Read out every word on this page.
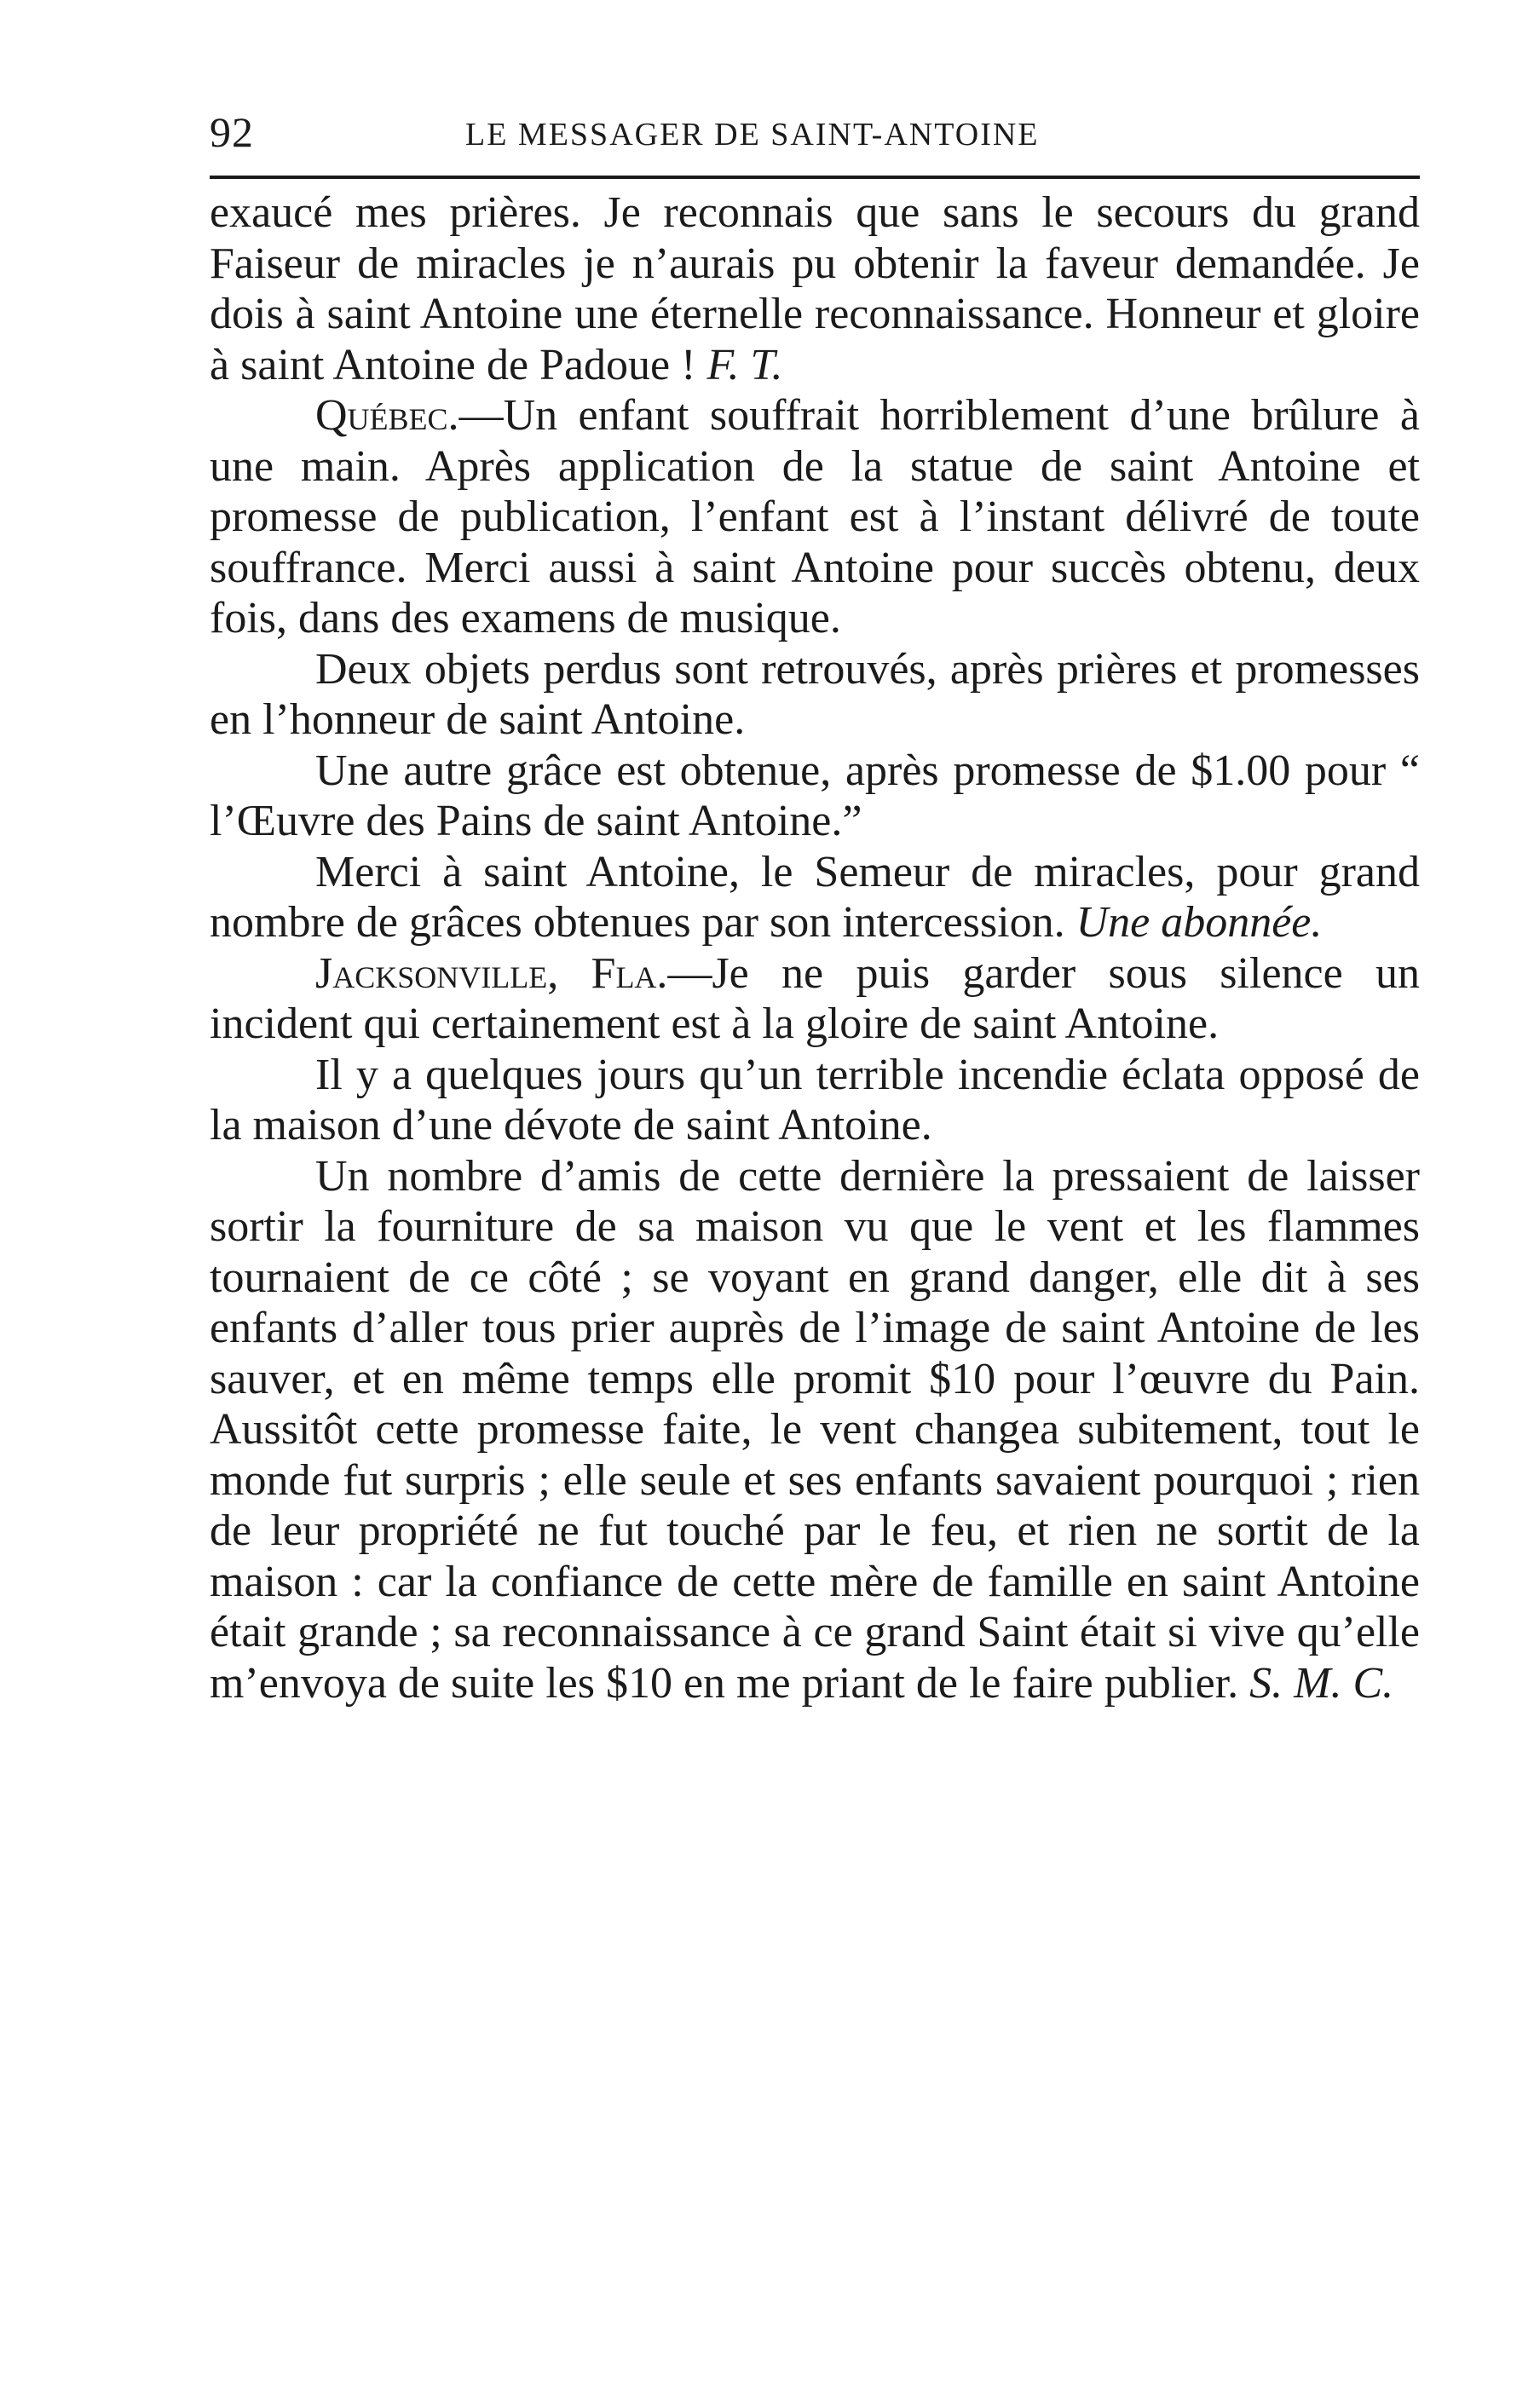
92	LE MESSAGER DE SAINT-ANTOINE

exaucé mes prières. Je reconnais que sans le secours du grand Faiseur de miracles je n’aurais pu obtenir la faveur demandée. Je dois à saint Antoine une éternelle reconnaissance. Honneur et gloire à saint Antoine de Padoue ! F. T.

Québec.—Un enfant souffrait horriblement d’une brûlure à une main. Après application de la statue de saint Antoine et promesse de publication, l’enfant est à l’instant délivré de toute souffrance. Merci aussi à saint Antoine pour succès obtenu, deux fois, dans des examens de musique.

Deux objets perdus sont retrouvés, après prières et promesses en l’honneur de saint Antoine.

Une autre grâce est obtenue, après promesse de $1.00 pour “ l’Œuvre des Pains de saint Antoine.”

Merci à saint Antoine, le Semeur de miracles, pour grand nombre de grâces obtenues par son intercession. Une abonnée.

Jacksonville, Fla.—Je ne puis garder sous silence un incident qui certainement est à la gloire de saint Antoine.

Il y a quelques jours qu’un terrible incendie éclata opposé de la maison d’une dévote de saint Antoine.

Un nombre d’amis de cette dernière la pressaient de laisser sortir la fourniture de sa maison vu que le vent et les flammes tournaient de ce côté ; se voyant en grand danger, elle dit à ses enfants d’aller tous prier auprès de l’image de saint Antoine de les sauver, et en même temps elle promit $10 pour l’œuvre du Pain. Aussitôt cette promesse faite, le vent changea subitement, tout le monde fut surpris ; elle seule et ses enfants savaient pourquoi ; rien de leur propriété ne fut touché par le feu, et rien ne sortit de la maison : car la confiance de cette mère de famille en saint Antoine était grande ; sa reconnaissance à ce grand Saint était si vive qu’elle m’envoya de suite les $10 en me priant de le faire publier. S. M. C.
